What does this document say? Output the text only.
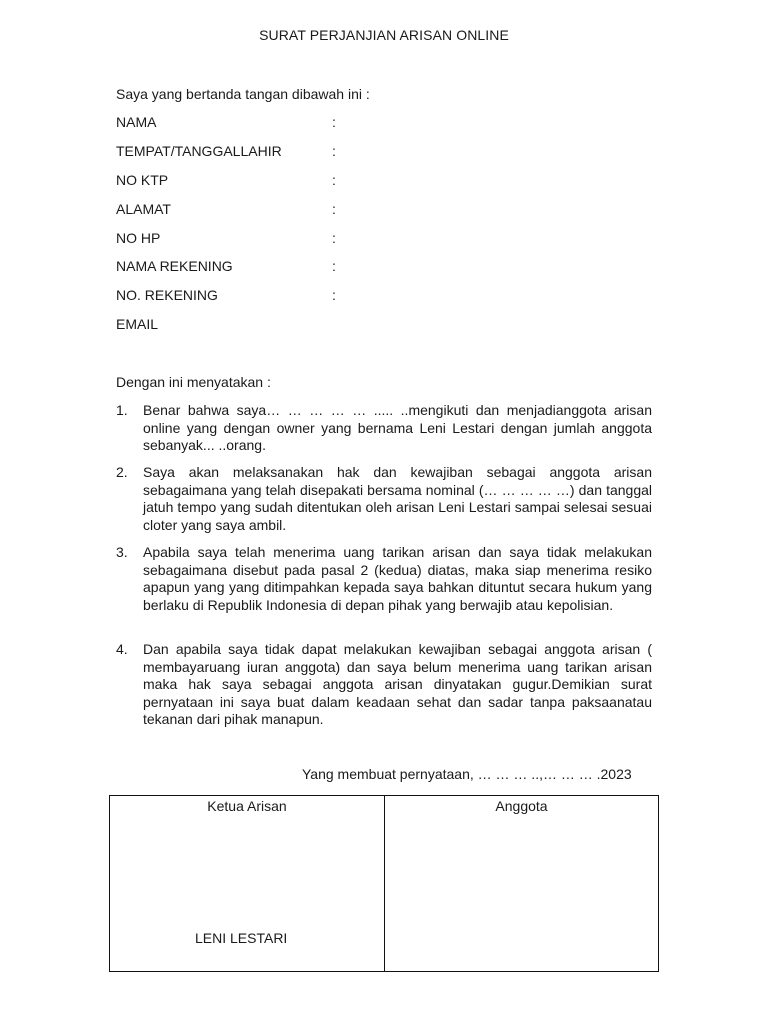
SURAT PERJANJIAN ARISAN ONLINE
Saya yang bertanda tangan dibawah ini :
NAMA	:
TEMPAT/TANGGALLAHIR	:
NO KTP	:
ALAMAT	:
NO HP	:
NAMA REKENING	:
NO. REKENING	:
EMAIL
Dengan ini menyatakan :
1. Benar bahwa saya… … … … … ..... ..mengikuti dan menjadianggota arisan online yang dengan owner yang bernama Leni Lestari dengan jumlah anggota sebanyak... ..orang.
2. Saya akan melaksanakan hak dan kewajiban sebagai anggota arisan sebagaimana yang telah disepakati bersama nominal (… … … … …) dan tanggal jatuh tempo yang sudah ditentukan oleh arisan Leni Lestari sampai selesai sesuai cloter yang saya ambil.
3. Apabila saya telah menerima uang tarikan arisan dan saya tidak melakukan sebagaimana disebut pada pasal 2 (kedua) diatas, maka siap menerima resiko apapun yang yang ditimpahkan kepada saya bahkan dituntut secara hukum yang berlaku di Republik Indonesia di depan pihak yang berwajib atau kepolisian.
4. Dan apabila saya tidak dapat melakukan kewajiban sebagai anggota arisan ( membayaruang iuran anggota) dan saya belum menerima uang tarikan arisan maka hak saya sebagai anggota arisan dinyatakan gugur.Demikian surat pernyataan ini saya buat dalam keadaan sehat dan sadar tanpa paksaanatau tekanan dari pihak manapun.
Yang membuat pernyataan, … … … ..,… … … .2023
Ketua Arisan	Anggota
LENI LESTARI
